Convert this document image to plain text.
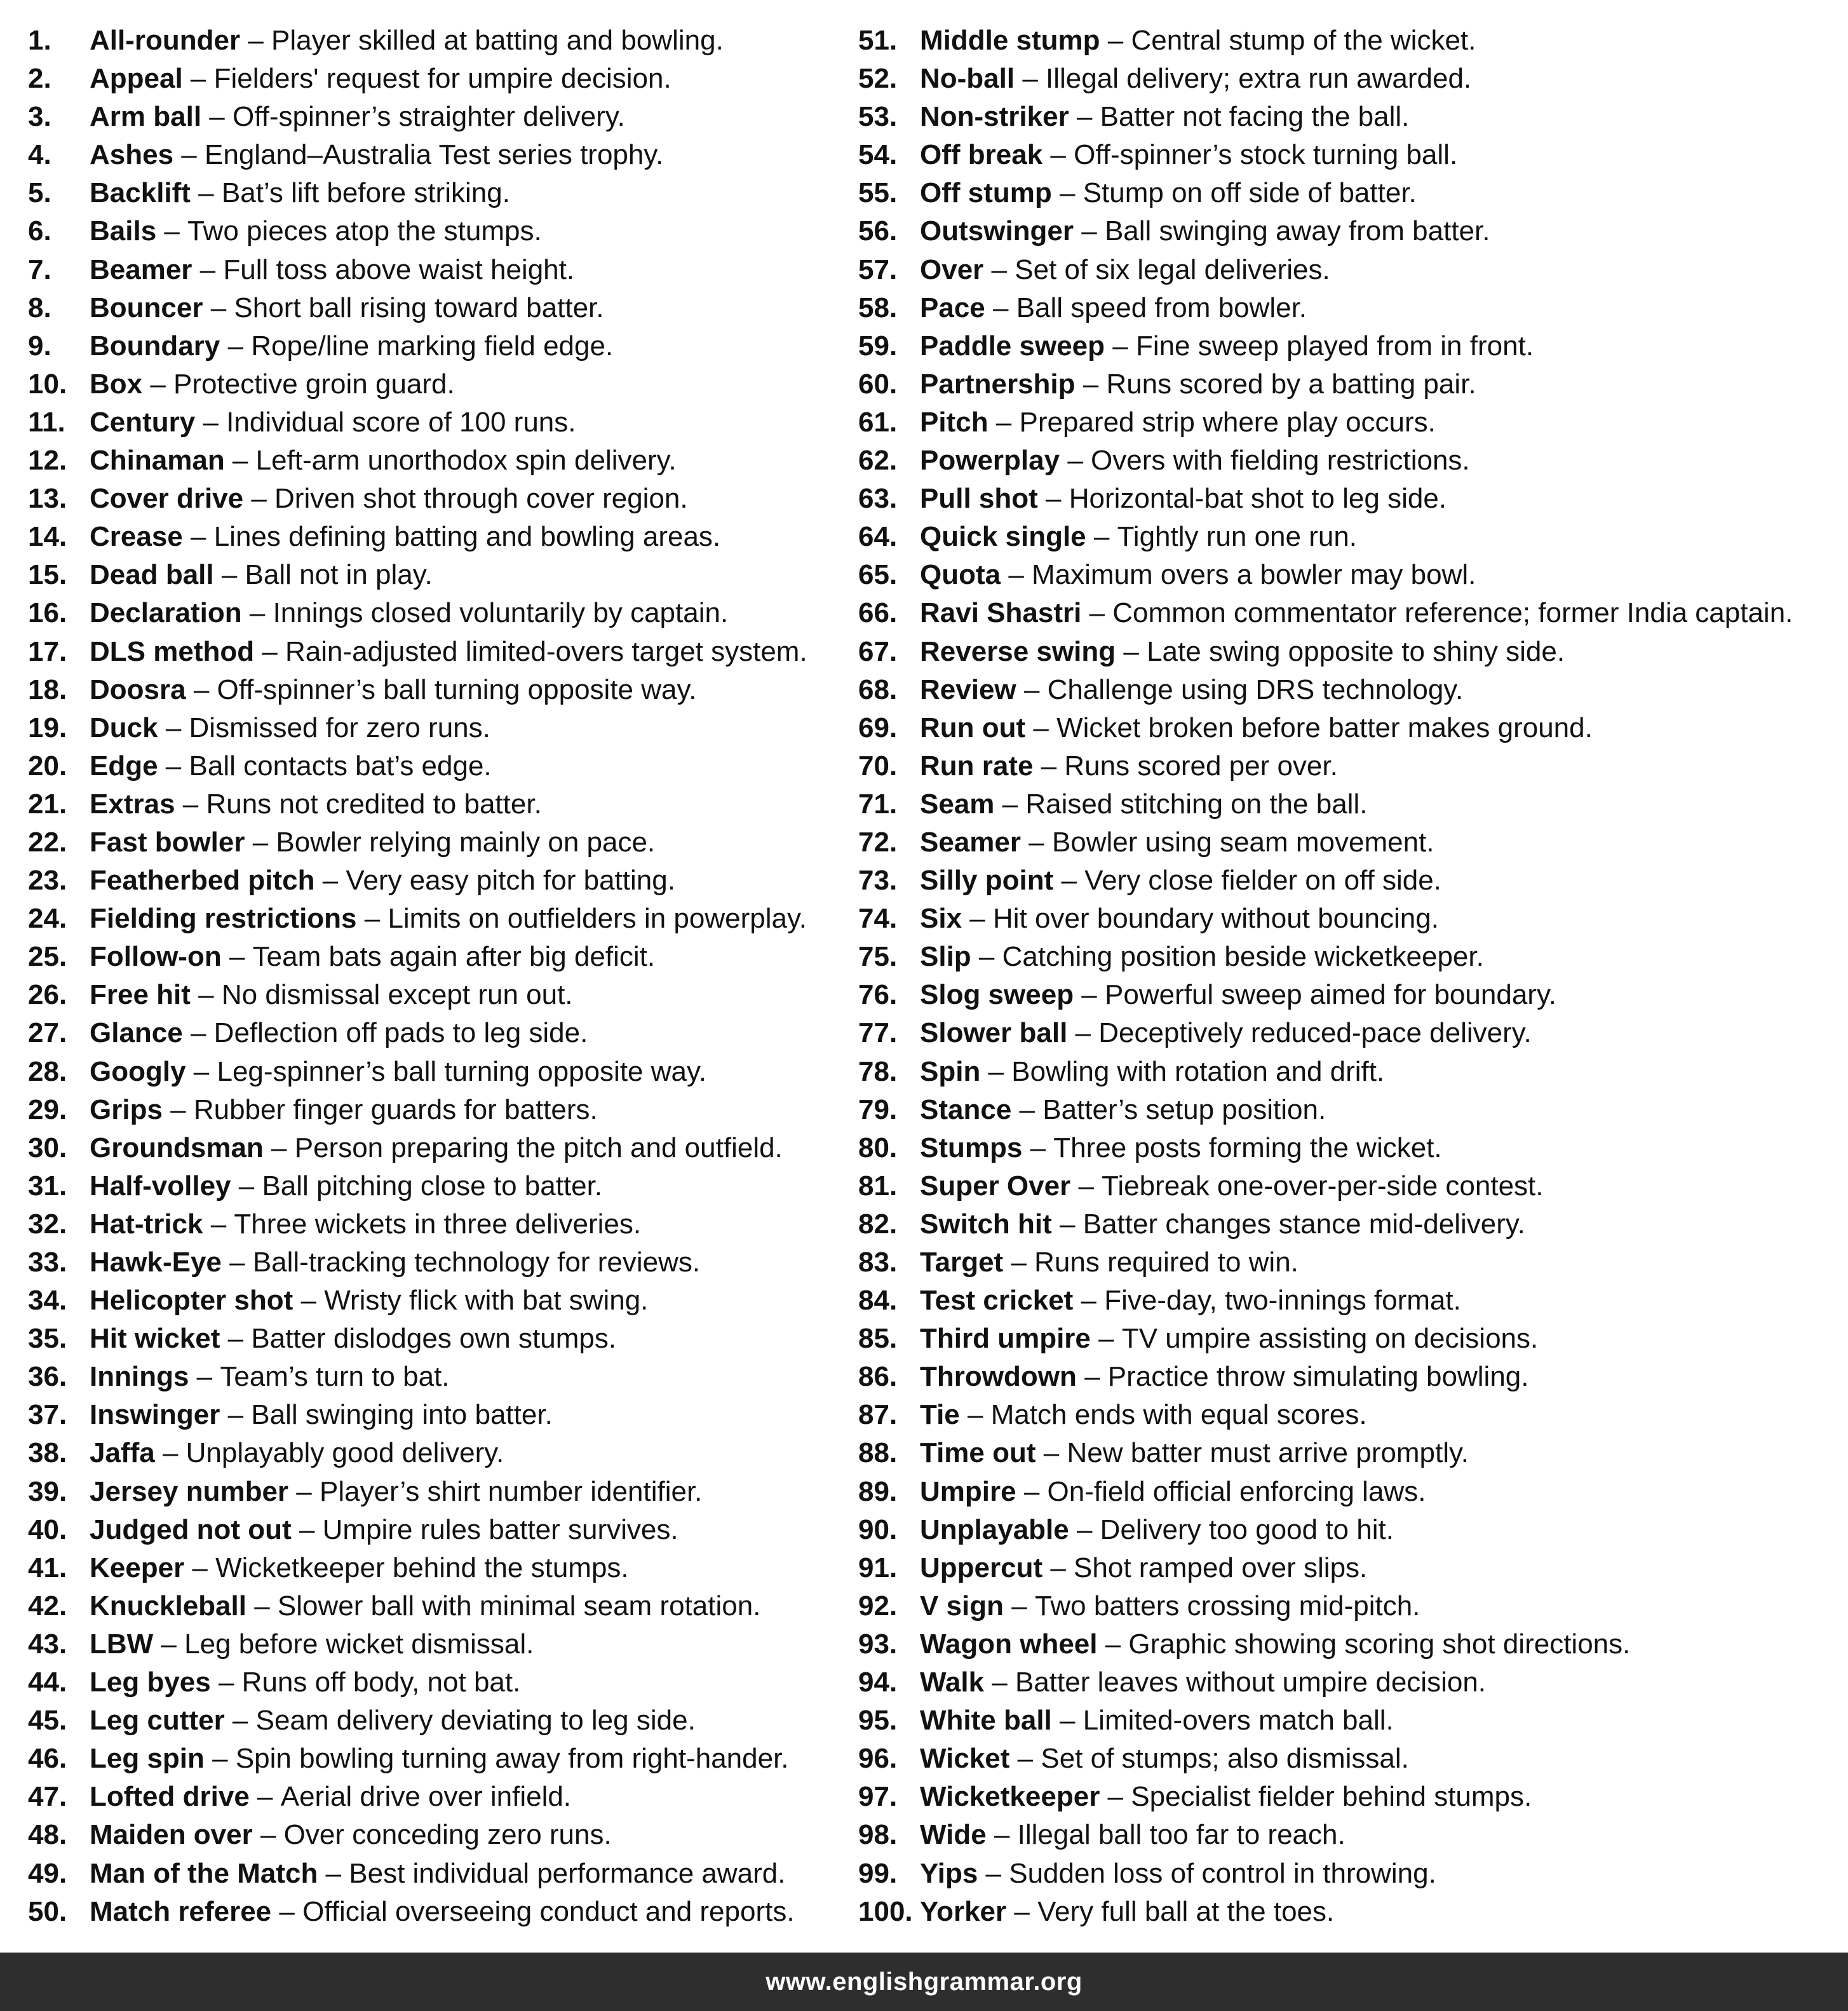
1.	All-rounder – Player skilled at batting and bowling.
2.	Appeal – Fielders' request for umpire decision.
3.	Arm ball – Off-spinner’s straighter delivery.
4.	Ashes – England–Australia Test series trophy.
5.	Backlift – Bat’s lift before striking.
6.	Bails – Two pieces atop the stumps.
7.	Beamer – Full toss above waist height.
8.	Bouncer – Short ball rising toward batter.
9.	Boundary – Rope/line marking field edge.
10. Box – Protective groin guard.
11. Century – Individual score of 100 runs.
12. Chinaman – Left-arm unorthodox spin delivery.
13. Cover drive – Driven shot through cover region.
14. Crease – Lines defining batting and bowling areas.
15. Dead ball – Ball not in play.
16. Declaration – Innings closed voluntarily by captain.
17. DLS method – Rain-adjusted limited-overs target system.
18. Doosra – Off-spinner’s ball turning opposite way.
19. Duck – Dismissed for zero runs.
20. Edge – Ball contacts bat’s edge.
21. Extras – Runs not credited to batter.
22. Fast bowler – Bowler relying mainly on pace.
23. Featherbed pitch – Very easy pitch for batting.
24. Fielding restrictions – Limits on outfielders in powerplay.
25. Follow-on – Team bats again after big deficit.
26. Free hit – No dismissal except run out.
27. Glance – Deflection off pads to leg side.
28. Googly – Leg-spinner’s ball turning opposite way.
29. Grips – Rubber finger guards for batters.
30. Groundsman – Person preparing the pitch and outfield.
31. Half-volley – Ball pitching close to batter.
32. Hat-trick – Three wickets in three deliveries.
33. Hawk-Eye – Ball-tracking technology for reviews.
34. Helicopter shot – Wristy flick with bat swing.
35. Hit wicket – Batter dislodges own stumps.
36. Innings – Team’s turn to bat.
37. Inswinger – Ball swinging into batter.
38. Jaffa – Unplayably good delivery.
39. Jersey number – Player’s shirt number identifier.
40. Judged not out – Umpire rules batter survives.
41. Keeper – Wicketkeeper behind the stumps.
42. Knuckleball – Slower ball with minimal seam rotation.
43. LBW – Leg before wicket dismissal.
44. Leg byes – Runs off body, not bat.
45. Leg cutter – Seam delivery deviating to leg side.
46. Leg spin – Spin bowling turning away from right-hander.
47. Lofted drive – Aerial drive over infield.
48. Maiden over – Over conceding zero runs.
49. Man of the Match – Best individual performance award.
50. Match referee – Official overseeing conduct and reports.
51. Middle stump – Central stump of the wicket.
52. No-ball – Illegal delivery; extra run awarded.
53. Non-striker – Batter not facing the ball.
54. Off break – Off-spinner’s stock turning ball.
55. Off stump – Stump on off side of batter.
56. Outswinger – Ball swinging away from batter.
57. Over – Set of six legal deliveries.
58. Pace – Ball speed from bowler.
59. Paddle sweep – Fine sweep played from in front.
60. Partnership – Runs scored by a batting pair.
61. Pitch – Prepared strip where play occurs.
62. Powerplay – Overs with fielding restrictions.
63. Pull shot – Horizontal-bat shot to leg side.
64. Quick single – Tightly run one run.
65. Quota – Maximum overs a bowler may bowl.
66. Ravi Shastri – Common commentator reference; former India captain.
67. Reverse swing – Late swing opposite to shiny side.
68. Review – Challenge using DRS technology.
69. Run out – Wicket broken before batter makes ground.
70. Run rate – Runs scored per over.
71. Seam – Raised stitching on the ball.
72. Seamer – Bowler using seam movement.
73. Silly point – Very close fielder on off side.
74. Six – Hit over boundary without bouncing.
75. Slip – Catching position beside wicketkeeper.
76. Slog sweep – Powerful sweep aimed for boundary.
77. Slower ball – Deceptively reduced-pace delivery.
78. Spin – Bowling with rotation and drift.
79. Stance – Batter’s setup position.
80. Stumps – Three posts forming the wicket.
81. Super Over – Tiebreak one-over-per-side contest.
82. Switch hit – Batter changes stance mid-delivery.
83. Target – Runs required to win.
84. Test cricket – Five-day, two-innings format.
85. Third umpire – TV umpire assisting on decisions.
86. Throwdown – Practice throw simulating bowling.
87. Tie – Match ends with equal scores.
88. Time out – New batter must arrive promptly.
89. Umpire – On-field official enforcing laws.
90. Unplayable – Delivery too good to hit.
91. Uppercut – Shot ramped over slips.
92. V sign – Two batters crossing mid-pitch.
93. Wagon wheel – Graphic showing scoring shot directions.
94. Walk – Batter leaves without umpire decision.
95. White ball – Limited-overs match ball.
96. Wicket – Set of stumps; also dismissal.
97. Wicketkeeper – Specialist fielder behind stumps.
98. Wide – Illegal ball too far to reach.
99. Yips – Sudden loss of control in throwing.
100. Yorker – Very full ball at the toes.
www.englishgrammar.org
